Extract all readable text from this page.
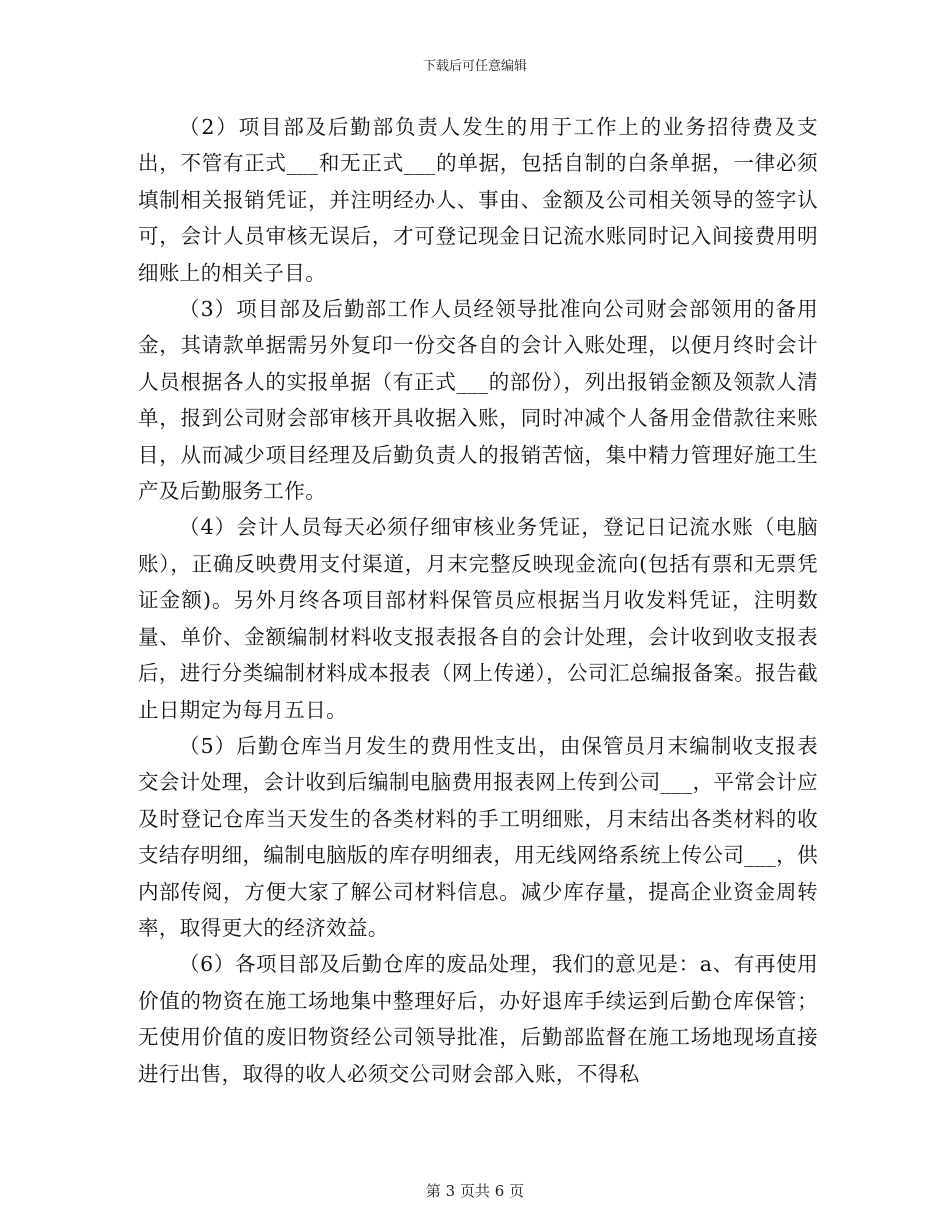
下载后可任意编辑

（2）项目部及后勤部负责人发生的用于工作上的业务招待费及支出，不管有正式___和无正式___的单据，包括自制的白条单据，一律必须填制相关报销凭证，并注明经办人、事由、金额及公司相关领导的签字认可，会计人员审核无误后，才可登记现金日记流水账同时记入间接费用明细账上的相关子目。

（3）项目部及后勤部工作人员经领导批准向公司财会部领用的备用金，其请款单据需另外复印一份交各自的会计入账处理，以便月终时会计人员根据各人的实报单据（有正式___的部份），列出报销金额及领款人清单，报到公司财会部审核开具收据入账，同时冲减个人备用金借款往来账目，从而减少项目经理及后勤负责人的报销苦恼，集中精力管理好施工生产及后勤服务工作。

（4）会计人员每天必须仔细审核业务凭证，登记日记流水账（电脑账），正确反映费用支付渠道，月末完整反映现金流向(包括有票和无票凭证金额)。另外月终各项目部材料保管员应根据当月收发料凭证，注明数量、单价、金额编制材料收支报表报各自的会计处理，会计收到收支报表后，进行分类编制材料成本报表（网上传递），公司汇总编报备案。报告截止日期定为每月五日。

（5）后勤仓库当月发生的费用性支出，由保管员月末编制收支报表交会计处理，会计收到后编制电脑费用报表网上传到公司___，平常会计应及时登记仓库当天发生的各类材料的手工明细账，月末结出各类材料的收支结存明细，编制电脑版的库存明细表，用无线网络系统上传公司___，供内部传阅，方便大家了解公司材料信息。减少库存量，提高企业资金周转率，取得更大的经济效益。

（6）各项目部及后勤仓库的废品处理，我们的意见是：a、有再使用价值的物资在施工场地集中整理好后，办好退库手续运到后勤仓库保管；无使用价值的废旧物资经公司领导批准，后勤部监督在施工场地现场直接进行出售，取得的收人必须交公司财会部入账，不得私

第 3 页共 6 页
